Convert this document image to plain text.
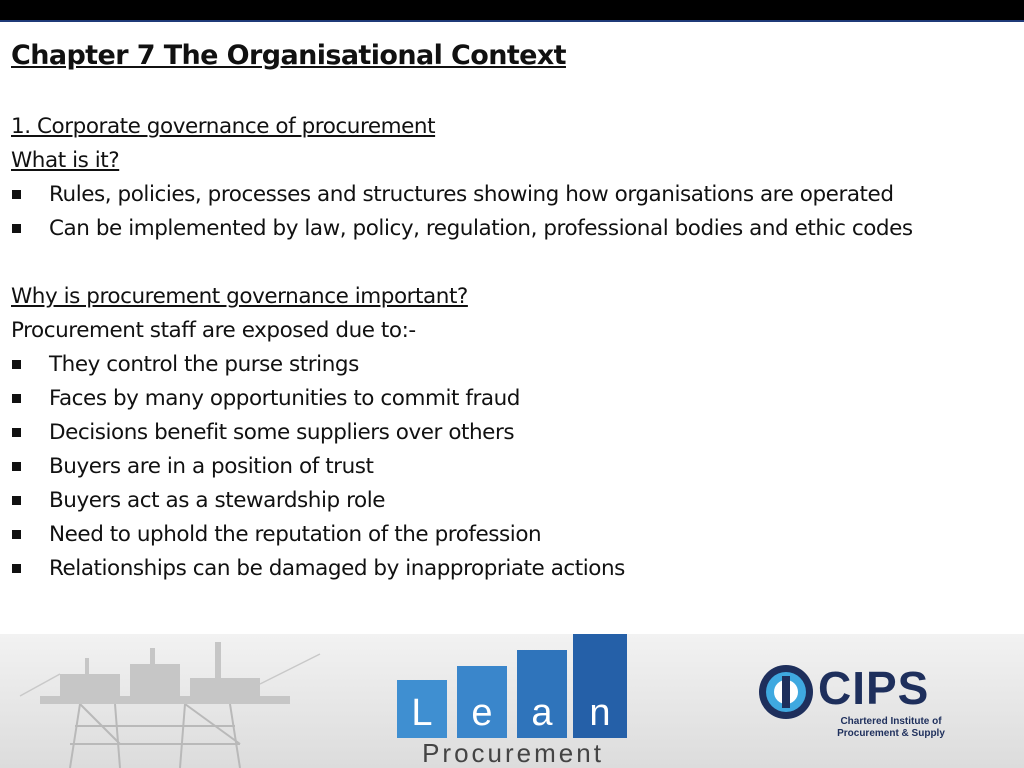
Chapter 7 The Organisational Context
1. Corporate governance of procurement
What is it?
Rules, policies, processes and structures showing how organisations are operated
Can be implemented by law, policy, regulation, professional bodies and ethic codes
Why is procurement governance important?
Procurement staff are exposed due to:-
They control the purse strings
Faces by many opportunities to commit fraud
Decisions benefit some suppliers over others
Buyers are in a position of trust
Buyers act as a stewardship role
Need to uphold the reputation of the profession
Relationships can be damaged by inappropriate actions
L	e	a n
Procurement
CIPS
Chartered Institute of
Procurement & Supply
